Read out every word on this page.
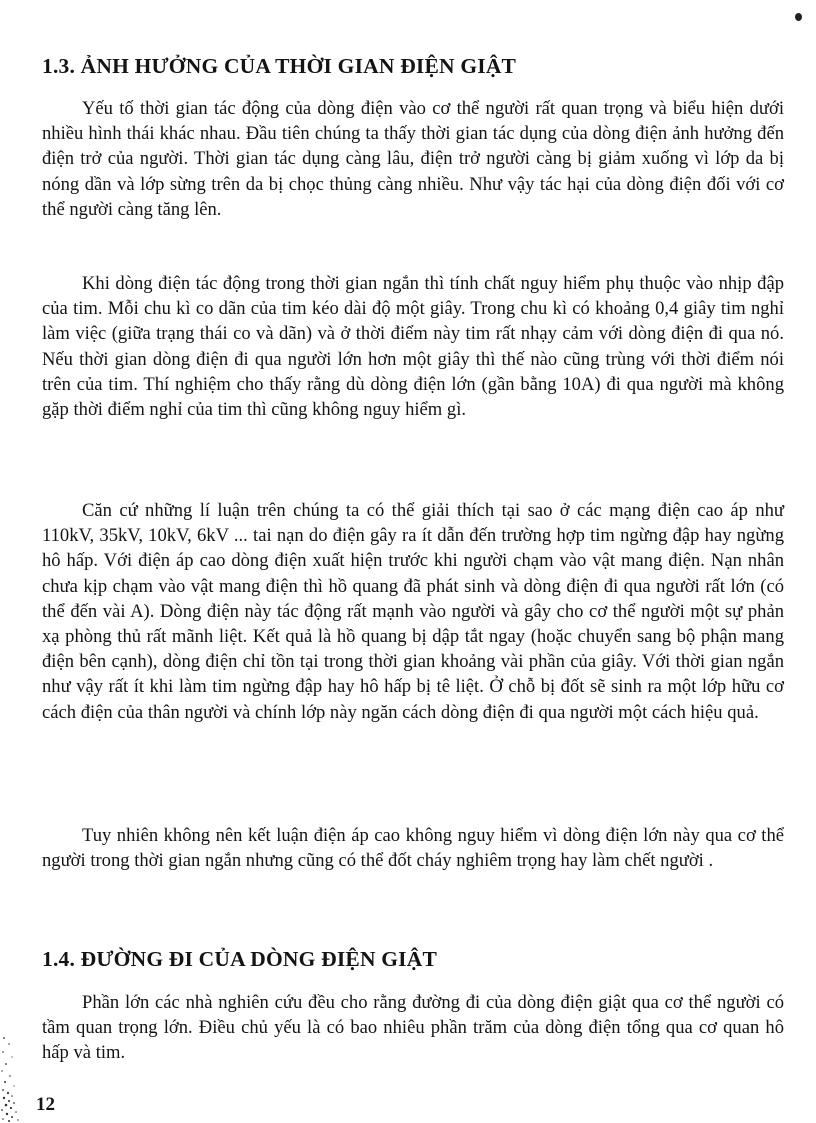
1.3. ẢNH HƯỞNG CỦA THỜI GIAN ĐIỆN GIẬT

Yếu tố thời gian tác động của dòng điện vào cơ thể người rất quan trọng và biểu hiện dưới nhiều hình thái khác nhau. Đầu tiên chúng ta thấy thời gian tác dụng của dòng điện ảnh hưởng đến điện trở của người. Thời gian tác dụng càng lâu, điện trở người càng bị giảm xuống vì lớp da bị nóng dần và lớp sừng trên da bị chọc thủng càng nhiều. Như vậy tác hại của dòng điện đối với cơ thể người càng tăng lên.

Khi dòng điện tác động trong thời gian ngắn thì tính chất nguy hiểm phụ thuộc vào nhịp đập của tim. Mỗi chu kì co dãn của tim kéo dài độ một giây. Trong chu kì có khoảng 0,4 giây tim nghỉ làm việc (giữa trạng thái co và dãn) và ở thời điểm này tim rất nhạy cảm với dòng điện đi qua nó. Nếu thời gian dòng điện đi qua người lớn hơn một giây thì thế nào cũng trùng với thời điểm nói trên của tim. Thí nghiệm cho thấy rằng dù dòng điện lớn (gần bằng 10A) đi qua người mà không gặp thời điểm nghỉ của tim thì cũng không nguy hiểm gì.

Căn cứ những lí luận trên chúng ta có thể giải thích tại sao ở các mạng điện cao áp như 110kV, 35kV, 10kV, 6kV ... tai nạn do điện gây ra ít dẫn đến trường hợp tim ngừng đập hay ngừng hô hấp. Với điện áp cao dòng điện xuất hiện trước khi người chạm vào vật mang điện. Nạn nhân chưa kịp chạm vào vật mang điện thì hồ quang đã phát sinh và dòng điện đi qua người rất lớn (có thể đến vài A). Dòng điện này tác động rất mạnh vào người và gây cho cơ thể người một sự phản xạ phòng thủ rất mãnh liệt. Kết quả là hồ quang bị dập tắt ngay (hoặc chuyển sang bộ phận mang điện bên cạnh), dòng điện chỉ tồn tại trong thời gian khoảng vài phần của giây. Với thời gian ngắn như vậy rất ít khi làm tim ngừng đập hay hô hấp bị tê liệt. Ở chỗ bị đốt sẽ sinh ra một lớp hữu cơ cách điện của thân người và chính lớp này ngăn cách dòng điện đi qua người một cách hiệu quả.

Tuy nhiên không nên kết luận điện áp cao không nguy hiểm vì dòng điện lớn này qua cơ thể người trong thời gian ngắn nhưng cũng có thể đốt cháy nghiêm trọng hay làm chết người .

1.4. ĐƯỜNG ĐI CỦA DÒNG ĐIỆN GIẬT

Phần lớn các nhà nghiên cứu đều cho rằng đường đi của dòng điện giật qua cơ thể người có tầm quan trọng lớn. Điều chủ yếu là có bao nhiêu phần trăm của dòng điện tổng qua cơ quan hô hấp và tim.

12
